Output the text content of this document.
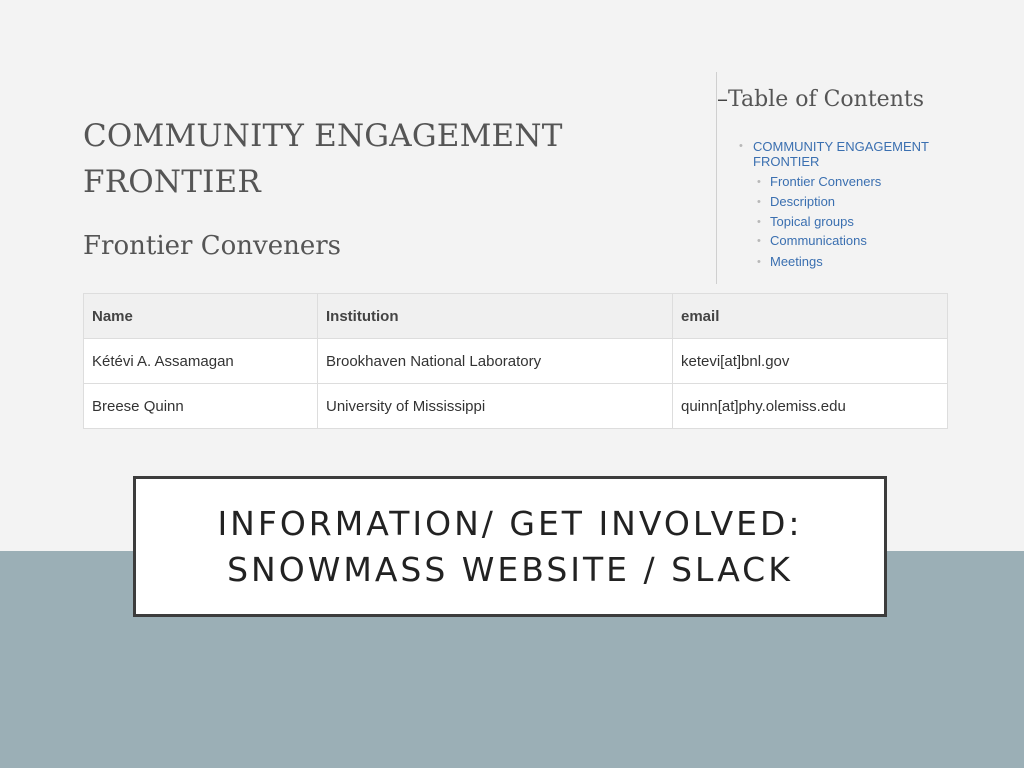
COMMUNITY ENGAGEMENT FRONTIER
Frontier Conveners
–Table of Contents
• COMMUNITY ENGAGEMENT FRONTIER
• Frontier Conveners
• Description
• Topical groups
• Communications
• Meetings
Name	Institution	email
Kétévi A. Assamagan	Brookhaven National Laboratory	ketevi[at]bnl.gov
Breese Quinn	University of Mississippi	quinn[at]phy.olemiss.edu
INFORMATION/ GET INVOLVED:
SNOWMASS WEBSITE / SLACK
